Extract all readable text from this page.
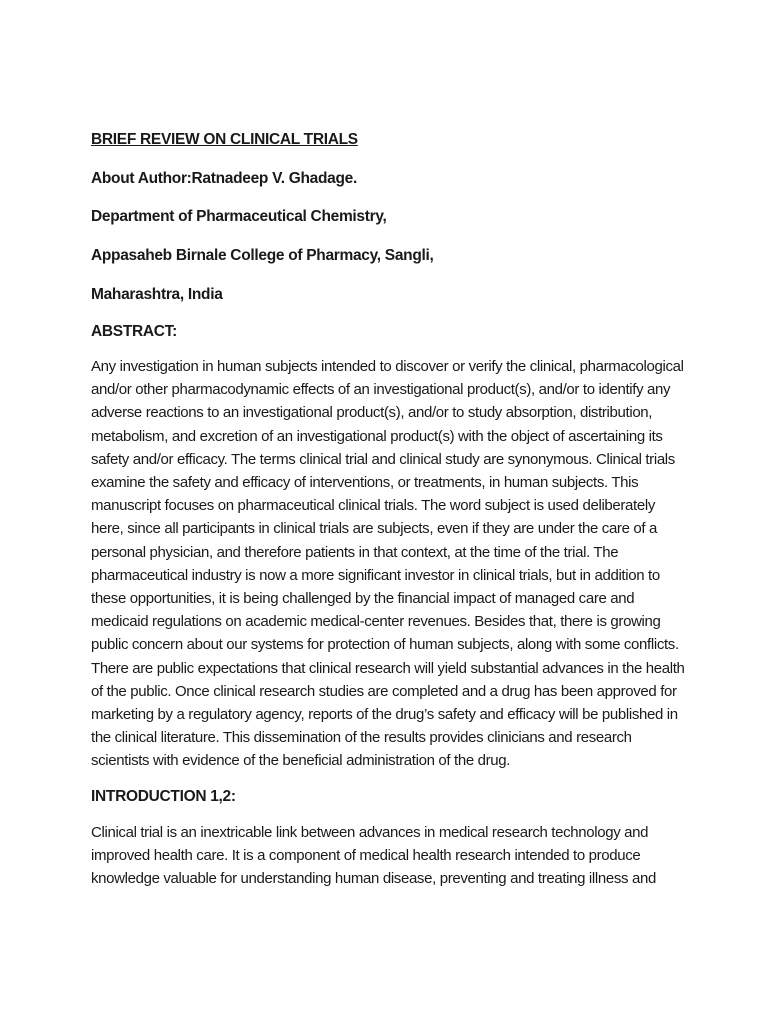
BRIEF REVIEW ON CLINICAL TRIALS

About Author:Ratnadeep V. Ghadage.

Department of Pharmaceutical Chemistry,

Appasaheb Birnale College of Pharmacy, Sangli,

Maharashtra, India

ABSTRACT:

Any investigation in human subjects intended to discover or verify the clinical, pharmacological and/or other pharmacodynamic effects of an investigational product(s), and/or to identify any adverse reactions to an investigational product(s), and/or to study absorption, distribution, metabolism, and excretion of an investigational product(s) with the object of ascertaining its safety and/or efficacy. The terms clinical trial and clinical study are synonymous. Clinical trials examine the safety and efficacy of interventions, or treatments, in human subjects. This manuscript focuses on pharmaceutical clinical trials. The word subject is used deliberately here, since all participants in clinical trials are subjects, even if they are under the care of a personal physician, and therefore patients in that context, at the time of the trial. The pharmaceutical industry is now a more significant investor in clinical trials, but in addition to these opportunities, it is being challenged by the financial impact of managed care and medicaid regulations on academic medical-center revenues. Besides that, there is growing public concern about our systems for protection of human subjects, along with some conflicts. There are public expectations that clinical research will yield substantial advances in the health of the public. Once clinical research studies are completed and a drug has been approved for marketing by a regulatory agency, reports of the drug’s safety and efficacy will be published in the clinical literature. This dissemination of the results provides clinicians and research scientists with evidence of the beneficial administration of the drug.

INTRODUCTION 1,2:

Clinical trial is an inextricable link between advances in medical research technology and improved health care. It is a component of medical health research intended to produce knowledge valuable for understanding human disease, preventing and treating illness and
